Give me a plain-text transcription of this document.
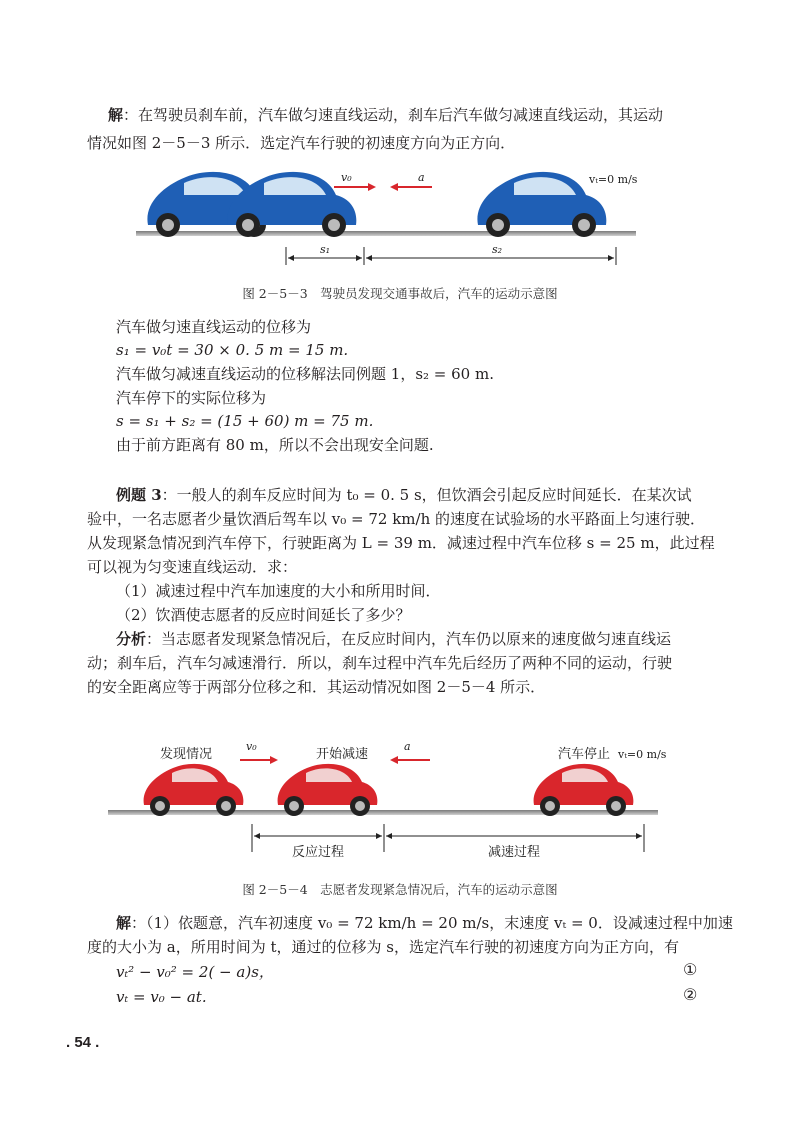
解：在驾驶员刹车前，汽车做匀速直线运动，刹车后汽车做匀减速直线运动，其运动
情况如图 2－5－3 所示．选定汽车行驶的初速度方向为正方向．
v₀	a	vₜ=0 m/s
s₁	s₂
图 2－5－3　驾驶员发现交通事故后，汽车的运动示意图
汽车做匀速直线运动的位移为
s₁ = v₀t = 30 × 0. 5 m = 15 m.
汽车做匀减速直线运动的位移解法同例题 1，s₂ = 60 m.
汽车停下的实际位移为
s = s₁ + s₂ = (15 + 60) m = 75 m.
由于前方距离有 80 m，所以不会出现安全问题.
例题 3：一般人的刹车反应时间为 t₀ = 0. 5 s，但饮酒会引起反应时间延长．在某次试
验中，一名志愿者少量饮酒后驾车以 v₀ = 72 km/h 的速度在试验场的水平路面上匀速行驶．
从发现紧急情况到汽车停下，行驶距离为 L = 39 m．减速过程中汽车位移 s = 25 m，此过程
可以视为匀变速直线运动．求：
（1）减速过程中汽车加速度的大小和所用时间．
（2）饮酒使志愿者的反应时间延长了多少？
分析：当志愿者发现紧急情况后，在反应时间内，汽车仍以原来的速度做匀速直线运
动；刹车后，汽车匀减速滑行．所以，刹车过程中汽车先后经历了两种不同的运动，行驶
的安全距离应等于两部分位移之和．其运动情况如图 2－5－4 所示．
发现情况
v₀
开始减速
a
汽车停止 vₜ=0 m/s
反应过程	减速过程
图 2－5－4　志愿者发现紧急情况后，汽车的运动示意图
解：（1）依题意，汽车初速度 v₀ = 72 km/h = 20 m/s，末速度 vₜ = 0．设减速过程中加速
度的大小为 a，所用时间为 t，通过的位移为 s，选定汽车行驶的初速度方向为正方向，有
vₜ² − v₀² = 2( − a)s，	①
vₜ = v₀ − at.	②
. 54 .
